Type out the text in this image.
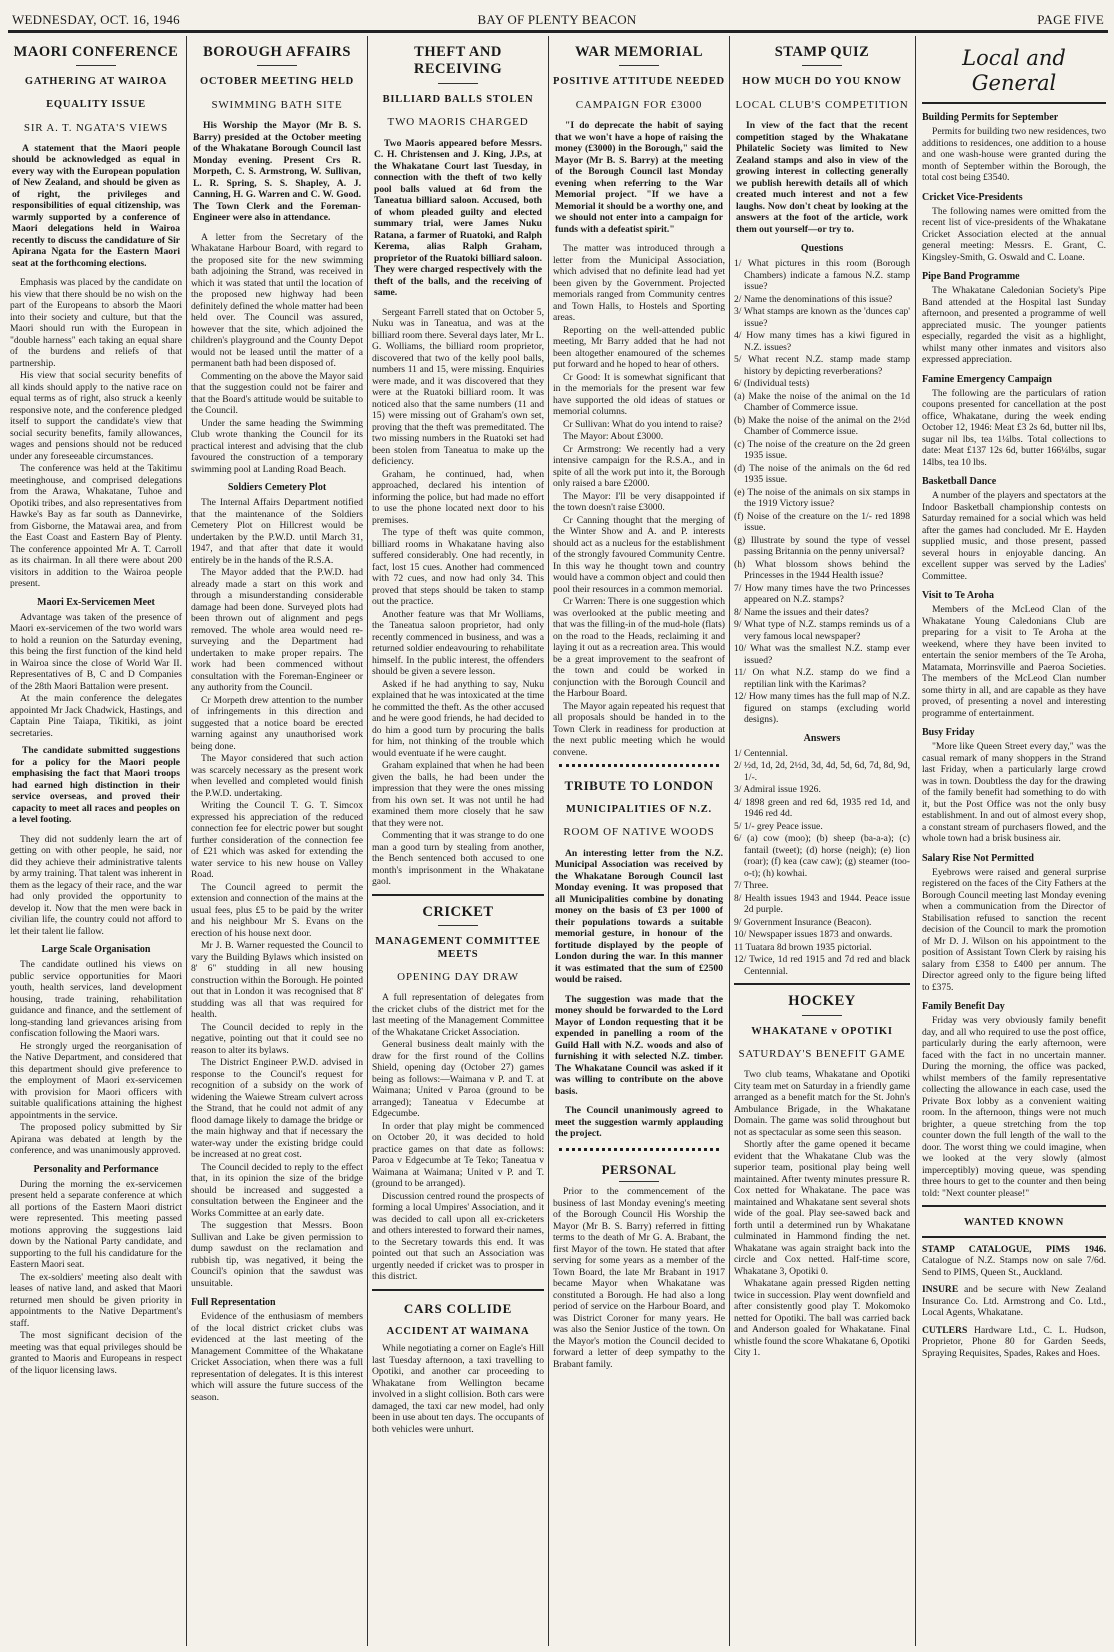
WEDNESDAY, OCT. 16, 1946	BAY OF PLENTY BEACON	PAGE FIVE
MAORI CONFERENCE
GATHERING AT WAIROA
EQUALITY ISSUE
SIR A. T. NGATA'S VIEWS

A statement that the Maori people should be acknowledged as equal in every way with the European population of New Zealand, and should be given as of right, the privileges and responsibilities of equal citizenship, was warmly supported by a conference of Maori delegations held in Wairoa recently to discuss the candidature of Sir Apirana Ngata for the Eastern Maori seat at the forthcoming elections.

Emphasis was placed by the candidate on his view that there should be no wish on the part of the Europeans to absorb the Maori into their society and culture, but that the Maori should run with the European in "double harness" each taking an equal share of the burdens and reliefs of that partnership.

His view that social security benefits of all kinds should apply to the native race on equal terms as of right, also struck a keenly responsive note, and the conference pledged itself to support the candidate's view that social security benefits, family allowances, wages and pensions should not be reduced under any foreseeable circumstances.

The conference was held at the Takitimu meetinghouse, and comprised delegations from the Arawa, Whakatane, Tuhoe and Opotiki tribes, and also representatives from Hawke's Bay as far south as Dannevirke, from Gisborne, the Matawai area, and from the East Coast and Eastern Bay of Plenty. The conference appointed Mr A. T. Carroll as its chairman. In all there were about 200 visitors in addition to the Wairoa people present.

Maori Ex-Servicemen Meet

Advantage was taken of the presence of Maori ex-servicemen of the two world wars to hold a reunion on the Saturday evening, this being the first function of the kind held in Wairoa since the close of World War II. Representatives of B, C and D Companies of the 28th Maori Battalion were present.

At the main conference the delegates appointed Mr Jack Chadwick, Hastings, and Captain Pine Taiapa, Tikitiki, as joint secretaries.

The candidate submitted suggestions for a policy for the Maori people emphasising the fact that Maori troops had earned high distinction in their service overseas, and proved their capacity to meet all races and peoples on a level footing.

They did not suddenly learn the art of getting on with other people, he said, nor did they achieve their administrative talents by army training. That talent was inherent in them as the legacy of their race, and the war had only provided the opportunity to develop it. Now that the men were back in civilian life, the country could not afford to let their talent lie fallow.

Large Scale Organisation

The candidate outlined his views on public service opportunities for Maori youth, health services, land development housing, trade training, rehabilitation guidance and finance, and the settlement of long-standing land grievances arising from confiscation following the Maori wars.

He strongly urged the reorganisation of the Native Department, and considered that this department should give preference to the employment of Maori ex-servicemen with provision for Maori officers with suitable qualifications attaining the highest appointments in the service.

The proposed policy submitted by Sir Apirana was debated at length by the conference, and was unanimously approved.

Personality and Performance

During the morning the ex-servicemen present held a separate conference at which all portions of the Eastern Maori district were represented. This meeting passed motions approving the suggestions laid down by the National Party candidate, and supporting to the full his candidature for the Eastern Maori seat.

The ex-soldiers' meeting also dealt with leases of native land, and asked that Maori returned men should be given priority in appointments to the Native Department's staff.

The most significant decision of the meeting was that equal privileges should be granted to Maoris and Europeans in respect of the liquor licensing laws.

BOROUGH AFFAIRS
OCTOBER MEETING HELD
SWIMMING BATH SITE

His Worship the Mayor (Mr B. S. Barry) presided at the October meeting of the Whakatane Borough Council last Monday evening. Present Crs R. Morpeth, C. S. Armstrong, W. Sullivan, L. R. Spring, S. S. Shapley, A. J. Canning, H. G. Warren and C. W. Good. The Town Clerk and the Foreman-Engineer were also in attendance.

A letter from the Secretary of the Whakatane Harbour Board, with regard to the proposed site for the new swimming bath adjoining the Strand, was received in which it was stated that until the location of the proposed new highway had been definitely defined the whole matter had been held over. The Council was assured, however that the site, which adjoined the children's playground and the County Depot would not be leased until the matter of a permanent bath had been disposed of.

Commenting on the above the Mayor said that the suggestion could not be fairer and that the Board's attitude would be suitable to the Council.

Under the same heading the Swimming Club wrote thanking the Council for its practical interest and advising that the club favoured the construction of a temporary swimming pool at Landing Road Beach.

Soldiers Cemetery Plot

The Internal Affairs Department notified that the maintenance of the Soldiers Cemetery Plot on Hillcrest would be undertaken by the P.W.D. until March 31, 1947, and that after that date it would entirely be in the hands of the R.S.A.

The Mayor added that the P.W.D. had already made a start on this work and through a misunderstanding considerable damage had been done. Surveyed plots had been thrown out of alignment and pegs removed. The whole area would need re-surveying and the Department had undertaken to make proper repairs. The work had been commenced without consultation with the Foreman-Engineer or any authority from the Council.

Cr Morpeth drew attention to the number of infringements in this direction and suggested that a notice board be erected warning against any unauthorised work being done.

The Mayor considered that such action was scarcely necessary as the present work when levelled and completed would finish the P.W.D. undertaking.

Writing the Council T. G. T. Simcox expressed his appreciation of the reduced connection fee for electric power but sought further consideration of the connection fee of £21 which was asked for extending the water service to his new house on Valley Road.

The Council agreed to permit the extension and connection of the mains at the usual fees, plus £5 to be paid by the writer and his neighbour Mr S. Evans on the erection of his house next door.

Mr J. B. Warner requested the Council to vary the Building Bylaws which insisted on 8' 6" studding in all new housing construction within the Borough. He pointed out that in London it was recognised that 8' studding was all that was required for health.

The Council decided to reply in the negative, pointing out that it could see no reason to alter its bylaws.

The District Engineer P.W.D. advised in response to the Council's request for recognition of a subsidy on the work of widening the Waiewe Stream culvert across the Strand, that he could not admit of any flood damage likely to damage the bridge or the main highway and that if necessary the water-way under the existing bridge could be increased at no great cost.

The Council decided to reply to the effect that, in its opinion the size of the bridge should be increased and suggested a consultation between the Engineer and the Works Committee at an early date.

The suggestion that Messrs. Boon Sullivan and Lake be given permission to dump sawdust on the reclamation and rubbish tip, was negatived, it being the Council's opinion that the sawdust was unsuitable.

Full Representation

Evidence of the enthusiasm of members of the local district cricket clubs was evidenced at the last meeting of the Management Committee of the Whakatane Cricket Association, when there was a full representation of delegates. It is this interest which will assure the future success of the season.

THEFT AND RECEIVING
BILLIARD BALLS STOLEN
TWO MAORIS CHARGED

Two Maoris appeared before Messrs. C. H. Christensen and J. King, J.P.s, at the Whakatane Court last Tuesday, in connection with the theft of two kelly pool balls valued at 6d from the Taneatua billiard saloon. Accused, both of whom pleaded guilty and elected summary trial, were James Nuku Ratana, a farmer of Ruatoki, and Ralph Kerema, alias Ralph Graham, proprietor of the Ruatoki billiard saloon. They were charged respectively with the theft of the balls, and the receiving of same.

Sergeant Farrell stated that on October 5, Nuku was in Taneatua, and was at the billiard room there. Several days later, Mr L. G. Wolliams, the billiard room proprietor, discovered that two of the kelly pool balls, numbers 11 and 15, were missing. Enquiries were made, and it was discovered that they were at the Ruatoki billiard room. It was noticed also that the same numbers (11 and 15) were missing out of Graham's own set, proving that the theft was premeditated. The two missing numbers in the Ruatoki set had been stolen from Taneatua to make up the deficiency.

Graham, he continued, had, when approached, declared his intention of informing the police, but had made no effort to use the phone located next door to his premises.

The type of theft was quite common, billiard rooms in Whakatane having also suffered considerably. One had recently, in fact, lost 15 cues. Another had commenced with 72 cues, and now had only 34. This proved that steps should be taken to stamp out the practice.

Another feature was that Mr Wolliams, the Taneatua saloon proprietor, had only recently commenced in business, and was a returned soldier endeavouring to rehabilitate himself. In the public interest, the offenders should be given a severe lesson.

Asked if he had anything to say, Nuku explained that he was intoxicated at the time he committed the theft. As the other accused and he were good friends, he had decided to do him a good turn by procuring the balls for him, not thinking of the trouble which would eventuate if he were caught.

Graham explained that when he had been given the balls, he had been under the impression that they were the ones missing from his own set. It was not until he had examined them more closely that he saw that they were not.

Commenting that it was strange to do one man a good turn by stealing from another, the Bench sentenced both accused to one month's imprisonment in the Whakatane gaol.

CRICKET
MANAGEMENT COMMITTEE MEETS
OPENING DAY DRAW

A full representation of delegates from the cricket clubs of the district met for the last meeting of the Management Committee of the Whakatane Cricket Association.

General business dealt mainly with the draw for the first round of the Collins Shield, opening day (October 27) games being as follows:—Waimana v P. and T. at Waimana; United v Paroa (ground to be arranged); Taneatua v Edecumbe at Edgecumbe.

In order that play might be commenced on October 20, it was decided to hold practice games on that date as follows: Paroa v Edgecumbe at Te Teko; Taneatua v Waimana at Waimana; United v P. and T. (ground to be arranged).

Discussion centred round the prospects of forming a local Umpires' Association, and it was decided to call upon all ex-cricketers and others interested to forward their names, to the Secretary towards this end. It was pointed out that such an Association was urgently needed if cricket was to prosper in this district.

CARS COLLIDE
ACCIDENT AT WAIMANA

While negotiating a corner on Eagle's Hill last Tuesday afternoon, a taxi travelling to Opotiki, and another car proceeding to Whakatane from Wellington became involved in a slight collision. Both cars were damaged, the taxi car new model, had only been in use about ten days. The occupants of both vehicles were unhurt.

WAR MEMORIAL
POSITIVE ATTITUDE NEEDED
CAMPAIGN FOR £3000

"I do deprecate the habit of saying that we won't have a hope of raising the money (£3000) in the Borough," said the Mayor (Mr B. S. Barry) at the meeting of the Borough Council last Monday evening when referring to the War Memorial project. "If we have a Memorial it should be a worthy one, and we should not enter into a campaign for funds with a defeatist spirit."

The matter was introduced through a letter from the Municipal Association, which advised that no definite lead had yet been given by the Government. Projected memorials ranged from Community centres and Town Halls, to Hostels and Sporting areas.

Reporting on the well-attended public meeting, Mr Barry added that he had not been altogether enamoured of the schemes put forward and he hoped to hear of others.

Cr Good: It is somewhat significant that in the memorials for the present war few have supported the old ideas of statues or memorial columns.

Cr Sullivan: What do you intend to raise?

The Mayor: About £3000.

Cr Armstrong: We recently had a very intensive campaign for the R.S.A., and in spite of all the work put into it, the Borough only raised a bare £2000.

The Mayor: I'll be very disappointed if the town doesn't raise £3000.

Cr Canning thought that the merging of the Winter Show and A. and P. interests should act as a nucleus for the establishment of the strongly favoured Community Centre. In this way he thought town and country would have a common object and could then pool their resources in a common memorial.

Cr Warren: There is one suggestion which was overlooked at the public meeting and that was the filling-in of the mud-hole (flats) on the road to the Heads, reclaiming it and laying it out as a recreation area. This would be a great improvement to the seafront of the town and could be worked in conjunction with the Borough Council and the Harbour Board.

The Mayor again repeated his request that all proposals should be handed in to the Town Clerk in readiness for production at the next public meeting which he would convene.

TRIBUTE TO LONDON
MUNICIPALITIES OF N.Z.
ROOM OF NATIVE WOODS

An interesting letter from the N.Z. Municipal Association was received by the Whakatane Borough Council last Monday evening. It was proposed that all Municipalities combine by donating money on the basis of £3 per 1000 of their populations towards a suitable memorial gesture, in honour of the fortitude displayed by the people of London during the war. In this manner it was estimated that the sum of £2500 would be raised.

The suggestion was made that the money should be forwarded to the Lord Mayor of London requesting that it be expended in panelling a room of the Guild Hall with N.Z. woods and also of furnishing it with selected N.Z. timber. The Whakatane Council was asked if it was willing to contribute on the above basis.

The Council unanimously agreed to meet the suggestion warmly applauding the project.

PERSONAL

Prior to the commencement of the business of last Monday evening's meeting of the Borough Council His Worship the Mayor (Mr B. S. Barry) referred in fitting terms to the death of Mr G. A. Brabant, the first Mayor of the town. He stated that after serving for some years as a member of the Town Board, the late Mr Brabant in 1917 became Mayor when Whakatane was constituted a Borough. He had also a long period of service on the Harbour Board, and was District Coroner for many years. He was also the Senior Justice of the town. On the Mayor's motion the Council decided to forward a letter of deep sympathy to the Brabant family.

STAMP QUIZ
HOW MUCH DO YOU KNOW
LOCAL CLUB'S COMPETITION

In view of the fact that the recent competition staged by the Whakatane Philatelic Society was limited to New Zealand stamps and also in view of the growing interest in collecting generally we publish herewith details all of which created much interest and not a few laughs. Now don't cheat by looking at the answers at the foot of the article, work them out yourself—or try to.

Questions

1/ What pictures in this room (Borough Chambers) indicate a famous N.Z. stamp issue?

2/ Name the denominations of this issue?

3/ What stamps are known as the 'dunces cap' issue?

4/ How many times has a kiwi figured in N.Z. issues?

5/ What recent N.Z. stamp made stamp history by depicting reverberations?

6/ (Individual tests)

(a) Make the noise of the animal on the 1d Chamber of Commerce issue.

(b) Make the noise of the animal on the 2½d Chamber of Commerce issue.

(c) The noise of the creature on the 2d green 1935 issue.

(d) The noise of the animals on the 6d red 1935 issue.

(e) The noise of the animals on six stamps in the 1919 Victory issue?

(f) Noise of the creature on the 1/- red 1898 issue.

(g) Illustrate by sound the type of vessel passing Britannia on the penny universal?

(h) What blossom shows behind the Princesses in the 1944 Health issue?

7/ How many times have the two Princesses appeared on N.Z. stamps?

8/ Name the issues and their dates?

9/ What type of N.Z. stamps reminds us of a very famous local newspaper?

10/ What was the smallest N.Z. stamp ever issued?

11/ On what N.Z. stamp do we find a reptilian link with the Karimas?

12/ How many times has the full map of N.Z. figured on stamps (excluding world designs).

Answers

1/ Centennial.

2/ ½d, 1d, 2d, 2½d, 3d, 4d, 5d, 6d, 7d, 8d, 9d, 1/-.

3/ Admiral issue 1926.

4/ 1898 green and red 6d, 1935 red 1d, and 1946 red 4d.

5/ 1/- grey Peace issue.

6/ (a) cow (moo); (b) sheep (ba-a-a); (c) fantail (tweet); (d) horse (neigh); (e) lion (roar); (f) kea (caw caw); (g) steamer (too-o-t); (h) kowhai.

7/ Three.

8/ Health issues 1943 and 1944. Peace issue 2d purple.

9/ Government Insurance (Beacon).

10/ Newspaper issues 1873 and onwards.

11 Tuatara 8d brown 1935 pictorial.

12/ Twice, 1d red 1915 and 7d red and black Centennial.

HOCKEY
WHAKATANE v OPOTIKI
SATURDAY'S BENEFIT GAME

Two club teams, Whakatane and Opotiki City team met on Saturday in a friendly game arranged as a benefit match for the St. John's Ambulance Brigade, in the Whakatane Domain. The game was solid throughout but not as spectacular as some seen this season.

Shortly after the game opened it became evident that the Whakatane Club was the superior team, positional play being well maintained. After twenty minutes pressure R. Cox netted for Whakatane. The pace was maintained and Whakatane sent several shots wide of the goal. Play see-sawed back and forth until a determined run by Whakatane culminated in Hammond finding the net. Whakatane was again straight back into the circle and Cox netted. Half-time score, Whakatane 3, Opotiki 0.

Whakatane again pressed Rigden netting twice in succession. Play went downfield and after consistently good play T. Mokomoko netted for Opotiki. The ball was carried back and Anderson goaled for Whakatane. Final whistle found the score Whakatane 6, Opotiki City 1.

Local and General
Building Permits for September

Permits for building two new residences, two additions to residences, one addition to a house and one wash-house were granted during the month of September within the Borough, the total cost being £3540.

Cricket Vice-Presidents

The following names were omitted from the recent list of vice-presidents of the Whakatane Cricket Association elected at the annual general meeting: Messrs. E. Grant, C. Kingsley-Smith, G. Oswald and C. Loane.

Pipe Band Programme

The Whakatane Caledonian Society's Pipe Band attended at the Hospital last Sunday afternoon, and presented a programme of well appreciated music. The younger patients especially, regarded the visit as a highlight, whilst many other inmates and visitors also expressed appreciation.

Famine Emergency Campaign

The following are the particulars of ration coupons presented for cancellation at the post office, Whakatane, during the week ending October 12, 1946: Meat £3 2s 6d, butter nil lbs, sugar nil lbs, tea 1¼lbs. Total collections to date: Meat £137 12s 6d, butter 166¼lbs, sugar 14lbs, tea 10 lbs.

Basketball Dance

A number of the players and spectators at the Indoor Basketball championship contests on Saturday remained for a social which was held after the games had concluded. Mr E. Hayden supplied music, and those present, passed several hours in enjoyable dancing. An excellent supper was served by the Ladies' Committee.

Visit to Te Aroha

Members of the McLeod Clan of the Whakatane Young Caledonians Club are preparing for a visit to Te Aroha at the weekend, where they have been invited to entertain the senior members of the Te Aroha, Matamata, Morrinsville and Paeroa Societies. The members of the McLeod Clan number some thirty in all, and are capable as they have proved, of presenting a novel and interesting programme of entertainment.

Busy Friday

"More like Queen Street every day," was the casual remark of many shoppers in the Strand last Friday, when a particularly large crowd was in town. Doubtless the day for the drawing of the family benefit had something to do with it, but the Post Office was not the only busy establishment. In and out of almost every shop, a constant stream of purchasers flowed, and the whole town had a brisk business air.

Salary Rise Not Permitted

Eyebrows were raised and general surprise registered on the faces of the City Fathers at the Borough Council meeting last Monday evening when a communication from the Director of Stabilisation refused to sanction the recent decision of the Council to mark the promotion of Mr D. J. Wilson on his appointment to the position of Assistant Town Clerk by raising his salary from £358 to £400 per annum. The Director agreed only to the figure being lifted to £375.

Family Benefit Day

Friday was very obviously family benefit day, and all who required to use the post office, particularly during the early afternoon, were faced with the fact in no uncertain manner. During the morning, the office was packed, whilst members of the family representative collecting the allowance in each case, used the Private Box lobby as a convenient waiting room. In the afternoon, things were not much brighter, a queue stretching from the top counter down the full length of the wall to the door. The worst thing we could imagine, when we looked at the very slowly (almost imperceptibly) moving queue, was spending three hours to get to the counter and then being told: "Next counter please!"

WANTED KNOWN

STAMP CATALOGUE, PIMS 1946. Catalogue of N.Z. Stamps now on sale 7/6d. Send to PIMS, Queen St., Auckland.

INSURE and be secure with New Zealand Insurance Co. Ltd. Armstrong and Co. Ltd., Local Agents, Whakatane.

CUTLERS Hardware Ltd., C. L. Hudson, Proprietor, Phone 80 for Garden Seeds, Spraying Requisites, Spades, Rakes and Hoes.
